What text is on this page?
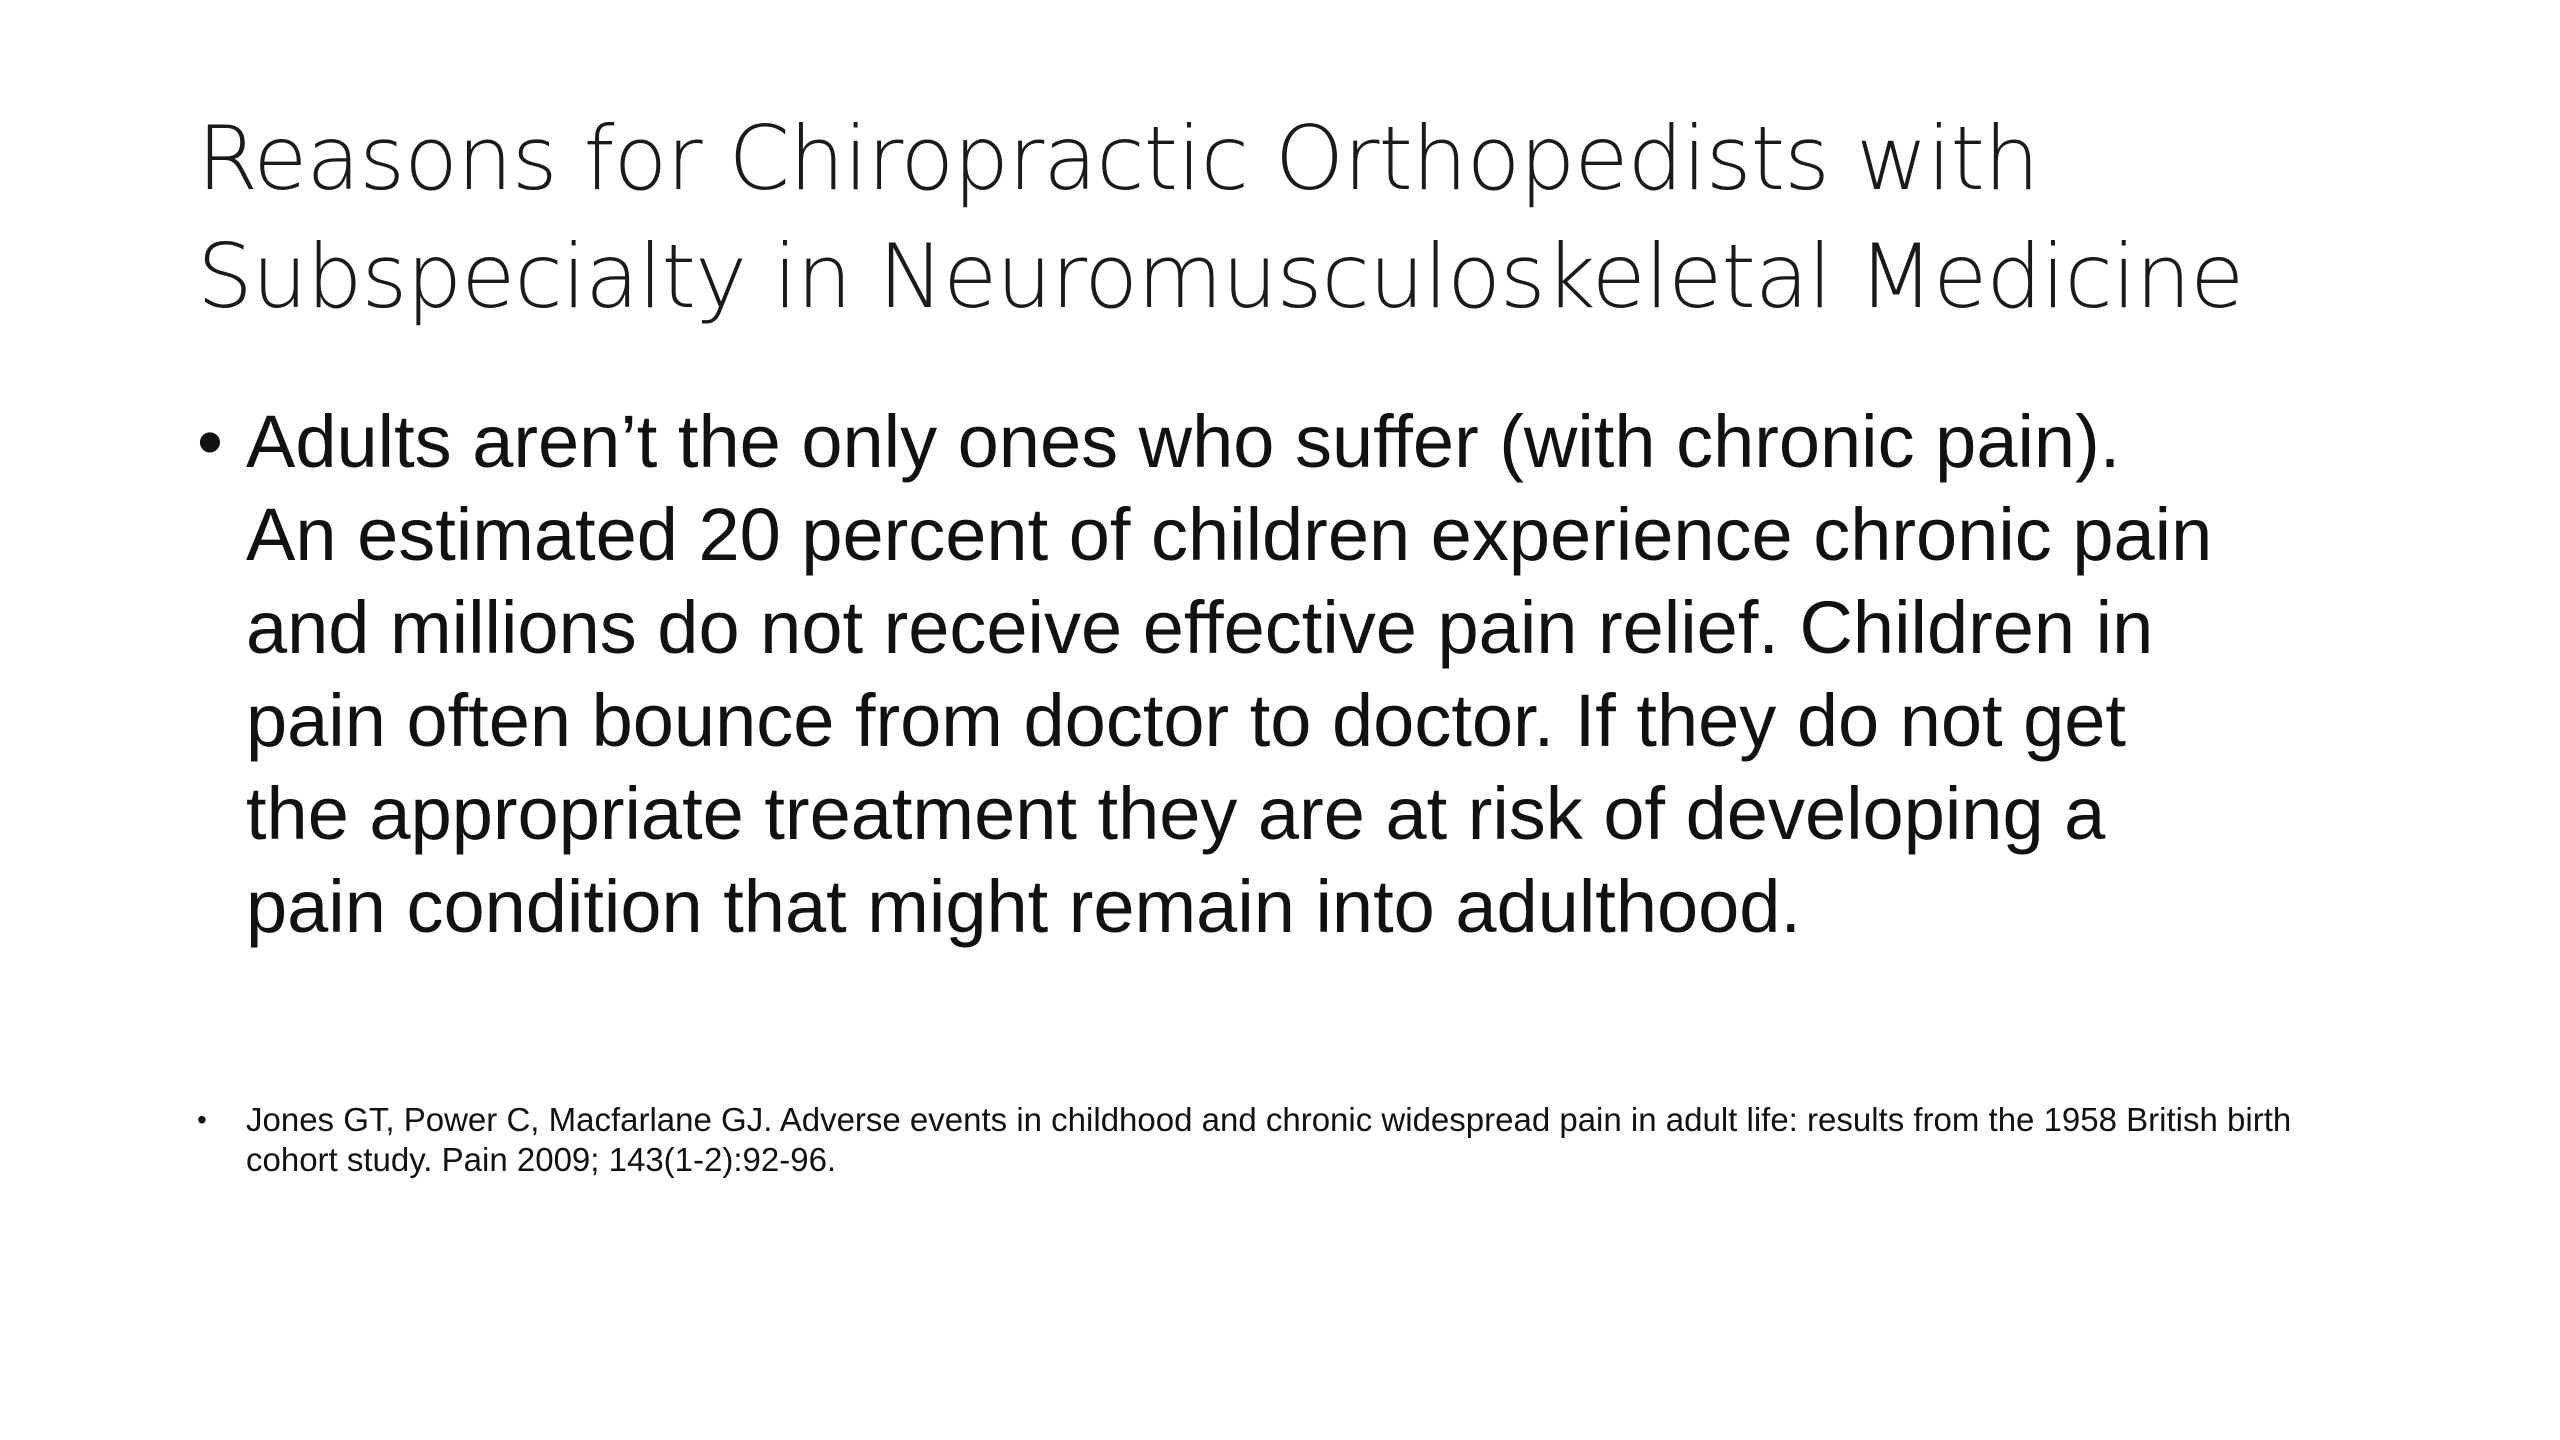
Reasons for Chiropractic Orthopedists with
Subspecialty in Neuromusculoskeletal Medicine
• Adults aren’t the only ones who suffer (with chronic pain).
An estimated 20 percent of children experience chronic pain
and millions do not receive effective pain relief. Children in
pain often bounce from doctor to doctor. If they do not get
the appropriate treatment they are at risk of developing a
pain condition that might remain into adulthood.
• Jones GT, Power C, Macfarlane GJ. Adverse events in childhood and chronic widespread pain in adult life: results from the 1958 British birth
cohort study. Pain 2009; 143(1-2):92-96.
